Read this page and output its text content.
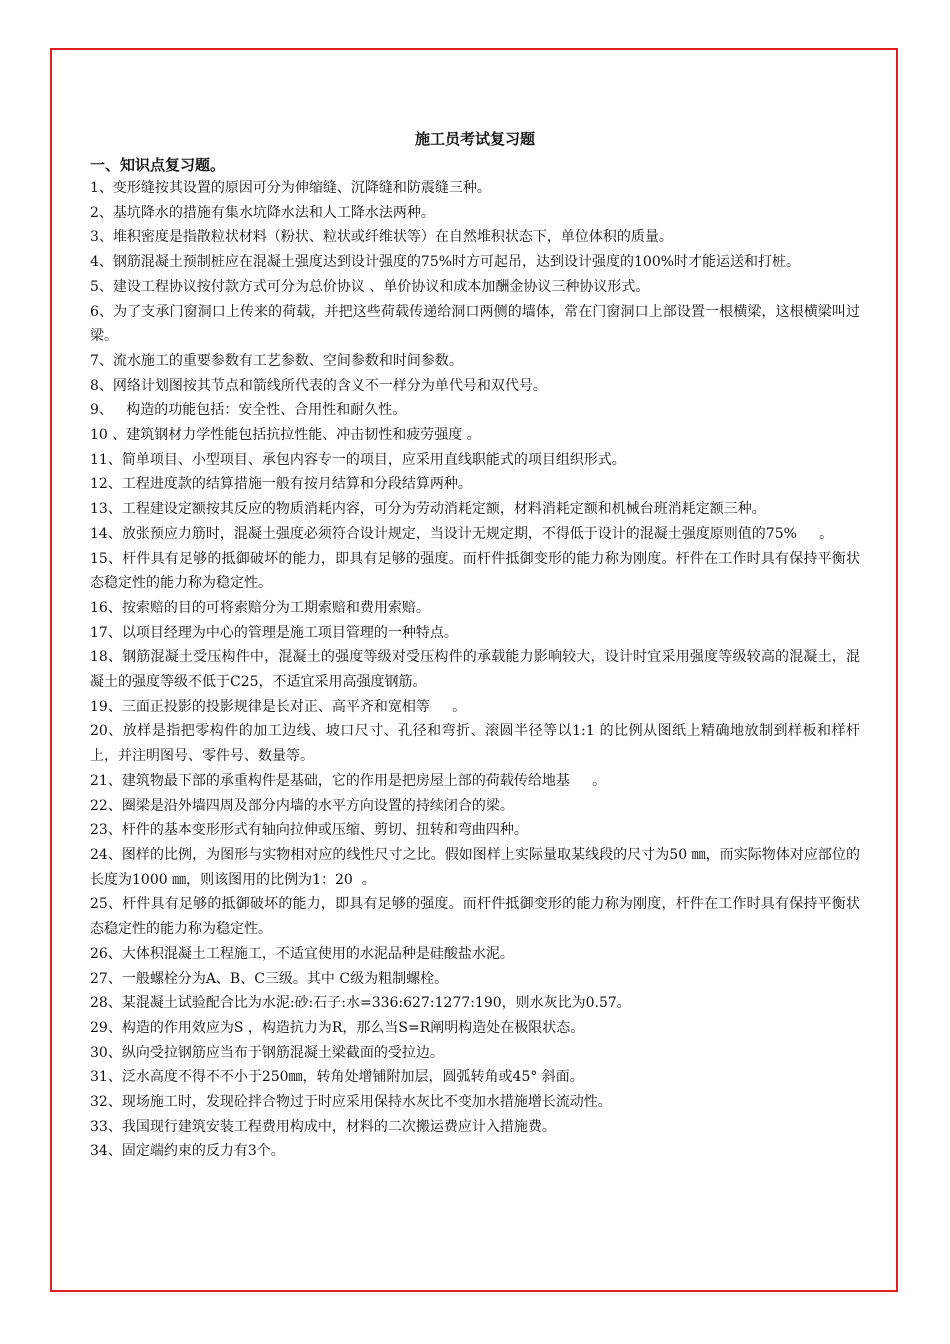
施工员考试复习题
一、知识点复习题。

1、变形缝按其设置的原因可分为伸缩缝、沉降缝和防震缝三种。

2、基坑降水的措施有集水坑降水法和人工降水法两种。

3、堆积密度是指散粒状材料（粉状、粒状或纤维状等）在自然堆积状态下，单位体积的质量。

4、钢筋混凝土预制桩应在混凝土强度达到设计强度的75%时方可起吊，达到设计强度的100%时才能运送和打桩。

5、建设工程协议按付款方式可分为总价协议 、单价协议和成本加酬金协议三种协议形式。

6、为了支承门窗洞口上传来的荷载，并把这些荷载传递给洞口两侧的墙体，常在门窗洞口上部设置一根横梁，这根横梁叫过梁。

7、流水施工的重要参数有工艺参数、空间参数和时间参数。

8、网络计划图按其节点和箭线所代表的含义不一样分为单代号和双代号。

9、   构造的功能包括：安全性、合用性和耐久性。

10 、建筑钢材力学性能包括抗拉性能、冲击韧性和疲劳强度 。

11、简单项目、小型项目、承包内容专一的项目，应采用直线职能式的项目组织形式。

12、工程进度款的结算措施一般有按月结算和分段结算两种。

13、工程建设定额按其反应的物质消耗内容，可分为劳动消耗定额，材料消耗定额和机械台班消耗定额三种。

14、放张预应力筋时，混凝土强度必须符合设计规定，当设计无规定期，不得低于设计的混凝土强度原则值的75%     。

15、杆件具有足够的抵御破坏的能力，即具有足够的强度。而杆件抵御变形的能力称为刚度。杆件在工作时具有保持平衡状态稳定性的能力称为稳定性。

16、按索赔的目的可将索赔分为工期索赔和费用索赔。

17、以项目经理为中心的管理是施工项目管理的一种特点。

18、钢筋混凝土受压构件中，混凝土的强度等级对受压构件的承载能力影响较大，设计时宜采用强度等级较高的混凝土，混凝土的强度等级不低于C25，不适宜采用高强度钢筋。

19、三面正投影的投影规律是长对正、高平齐和宽相等     。

20、放样是指把零构件的加工边线、坡口尺寸、孔径和弯折、滚圆半径等以1:1 的比例从图纸上精确地放制到样板和样杆上，并注明图号、零件号、数量等。

21、建筑物最下部的承重构件是基础，它的作用是把房屋上部的荷载传给地基     。

22、圈梁是沿外墙四周及部分内墙的水平方向设置的持续闭合的梁。

23、杆件的基本变形形式有轴向拉伸或压缩、剪切、扭转和弯曲四种。

24、图样的比例，为图形与实物相对应的线性尺寸之比。假如图样上实际量取某线段的尺寸为50 ㎜，而实际物体对应部位的长度为1000 ㎜，则该图用的比例为1：20  。

25、杆件具有足够的抵御破坏的能力，即具有足够的强度。而杆件抵御变形的能力称为刚度，杆件在工作时具有保持平衡状态稳定性的能力称为稳定性。

26、大体积混凝土工程施工，不适宜使用的水泥品种是硅酸盐水泥。

27、一般螺栓分为A、B、C三级。其中 C级为粗制螺栓。

28、某混凝土试验配合比为水泥:砂:石子:水=336:627:1277:190，则水灰比为0.57。

29、构造的作用效应为S ，构造抗力为R，那么当S=R阐明构造处在极限状态。

30、纵向受拉钢筋应当布于钢筋混凝土梁截面的受拉边。

31、泛水高度不得不不小于250㎜，转角处增铺附加层，圆弧转角或45° 斜面。

32、现场施工时，发现砼拌合物过于时应采用保持水灰比不变加水措施增长流动性。

33、我国现行建筑安装工程费用构成中，材料的二次搬运费应计入措施费。

34、固定端约束的反力有3个。
